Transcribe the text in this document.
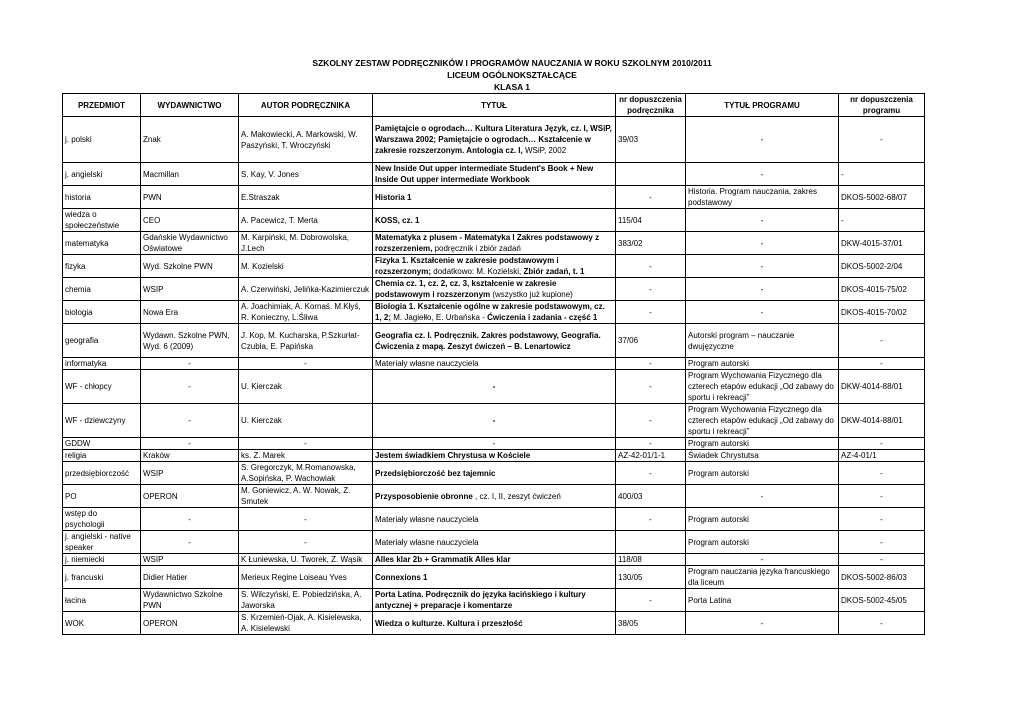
SZKOLNY ZESTAW PODRĘCZNIKÓW I PROGRAMÓW NAUCZANIA W ROKU SZKOLNYM 2010/2011
LICEUM OGÓLNOKSZTAŁCĄCE
KLASA 1
PRZEDMIOT	WYDAWNICTWO	AUTOR PODRĘCZNIKA	TYTUŁ	nr dopuszczenia podręcznika	TYTUŁ PROGRAMU	nr dopuszczenia programu
j. polski	Znak	A. Makowiecki, A. Markowski, W. Paszyński, T. Wroczyński	Pamiętajcie o ogrodach… Kultura Literatura Język, cz. I, WSiP, Warszawa 2002; Pamiętajcie o ogrodach… Kształcenie w zakresie rozszerzonym. Antologia cz. I, WSiP, 2002	39/03	-	-
j. angielski	Macmillan	S. Kay, V. Jones	New Inside Out upper intermediate Student's Book + New Inside Out upper intermediate Workbook		-	-
historia	PWN	E.Straszak	Historia 1	-	Historia. Program nauczania, zakres podstawowy	DKOS-5002-68/07
wiedza o społeczeństwie	CEO	A. Pacewicz, T. Merta	KOSS, cz. 1	115/04	-	-
matematyka	Gdańskie Wydawnictwo Oświatowe	M. Karpiński, M. Dobrowolska, J.Lech	Matematyka z plusem - Matematyka I Zakres podstawowy z rozszerzeniem, podręcznik i zbiór zadań	383/02	-	DKW-4015-37/01
fizyka	Wyd. Szkolne PWN	M. Kozielski	Fizyka 1. Kształcenie w zakresie podstawowym i rozszerzonym; dodatkowo: M. Kozielski, Zbiór zadań, t. 1	-	-	DKOS-5002-2/04
chemia	WSIP	A. Czerwiński, Jelińka-Kazimierczuk	Chemia cz. 1, cz. 2, cz. 3, kształcenie w zakresie podstawowym i rozszerzonym (wszystko już kupione)	-	-	DKOS-4015-75/02
biologia	Nowa Era	A. Joachimiak, A. Kornaś. M.Kłyś, R. Konieczny, L.Śliwa	Biologia 1. Kształcenie ogólne w zakresie podstawowym, cz. 1, 2; M. Jagiełło, E. Urbańska - Ćwiczenia i zadania - część 1	-	-	DKOS-4015-70/02
geografia	Wydawn. Szkolne PWN, Wyd. 6 (2009)	J. Kop, M. Kucharska, P.Szkurłat-Czubla, E. Papińska	Geografia cz. I. Podręcznik. Zakres podstawowy, Geografia. Ćwiczenia z mapą. Zeszyt ćwiczeń – B. Lenartowicz	37/06	Autorski program – nauczanie dwujęzyczne	-
informatyka	-	-	Materiały własne nauczyciela	-	Program autorski	-
WF - chłopcy	-	U. Kierczak	-	-	Program Wychowania Fizycznego dla czterech etapów edukacji „Od zabawy do sportu i rekreacji”	DKW-4014-88/01
WF - dziewczyny	-	U. Kierczak	-	-	Program Wychowania Fizycznego dla czterech etapów edukacji „Od zabawy do sportu i rekreacji”	DKW-4014-88/01
GDDW	-	-	-	-	Program autorski	-
religia	Kraków	ks. Z. Marek	Jestem świadkiem Chrystusa w Kościele	AZ-42-01/1-1	Świadek Chrystutsa	AZ-4-01/1
przedsiębiorczość	WSIP	S. Gregorczyk, M.Romanowska, A.Sopińska, P. Wachowiak	Przedsiębiorczość bez tajemnic	-	Program autorski	-
PO	OPERON	M. Goniewicz, A. W. Nowak, Z. Smutek	Przysposobienie obronne , cz. I, II, zeszyt ćwiczeń	400/03	-	-
wstęp do psychologii	-	-	Materiały własne nauczyciela	-	Program autorski	-
j. angielski - native speaker	-	-	Materiały własne nauczyciela		Program autorski	-
j. niemiecki	WSIP	K Łuniewska, U. Tworek, Z. Wąsik	Alles klar 2b + Grammatik Alles klar	118/08	-	-
j. francuski	Didier Hatier	Merieux Regine Loiseau Yves	Connexions 1	130/05	Program nauczania języka francuskiego dla liceum	DKOS-5002-86/03
łacina	Wydawnictwo Szkolne PWN	S. Wilczyński, E. Pobiedzińska, A. Jaworska	Porta Latina. Podręcznik do języka łacińskiego i kultury antycznej + preparacje i komentarze	-	Porta Latina	DKOS-5002-45/05
WOK	OPERON	S. Krzemień-Ojak, A. Kisielewska, A. Kisielewski	Wiedza o kulturze. Kultura i przeszłość	38/05	-	-
